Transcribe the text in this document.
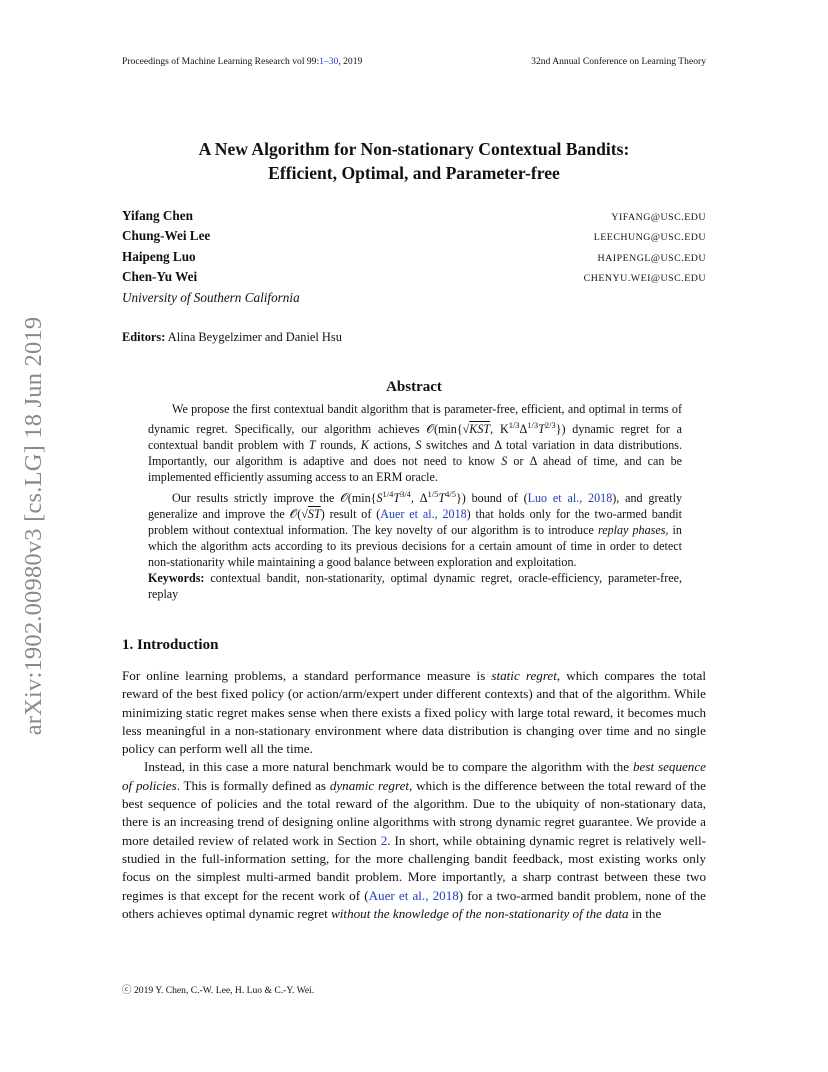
arXiv:1902.00980v3 [cs.LG] 18 Jun 2019
Proceedings of Machine Learning Research vol 99:1–30, 2019	32nd Annual Conference on Learning Theory
A New Algorithm for Non-stationary Contextual Bandits:
Efficient, Optimal, and Parameter-free
Yifang Chen	YIFANG@USC.EDU
Chung-Wei Lee	LEECHUNG@USC.EDU
Haipeng Luo	HAIPENGL@USC.EDU
Chen-Yu Wei	CHENYU.WEI@USC.EDU
University of Southern California
Editors: Alina Beygelzimer and Daniel Hsu
Abstract

We propose the first contextual bandit algorithm that is parameter-free, efficient, and optimal in terms of dynamic regret. Specifically, our algorithm achieves 𝒪(min{√KST, $K^{1/3}\Delta^{1/3}T^{2/3}$}) dynamic regret for a contextual bandit problem with T rounds, K actions, S switches and Δ total variation in data distributions. Importantly, our algorithm is adaptive and does not need to know S or Δ ahead of time, and can be implemented efficiently assuming access to an ERM oracle.

Our results strictly improve the $𝒪(\min\{S^{1/4}T^{3/4}$, $\Delta^{1/5}T^{4/5}$}) bound of (Luo et al., 2018), and greatly generalize and improve the 𝒪(√ST) result of (Auer et al., 2018) that holds only for the two-armed bandit problem without contextual information. The key novelty of our algorithm is to introduce replay phases, in which the algorithm acts according to its previous decisions for a certain amount of time in order to detect non-stationarity while maintaining a good balance between exploration and exploitation.

Keywords: contextual bandit, non-stationarity, optimal dynamic regret, oracle-efficiency, parameter-free, replay

1. Introduction

For online learning problems, a standard performance measure is static regret, which compares the total reward of the best fixed policy (or action/arm/expert under different contexts) and that of the algorithm. While minimizing static regret makes sense when there exists a fixed policy with large total reward, it becomes much less meaningful in a non-stationary environment where data distribution is changing over time and no single policy can perform well all the time.

Instead, in this case a more natural benchmark would be to compare the algorithm with the best sequence of policies. This is formally defined as dynamic regret, which is the difference between the total reward of the best sequence of policies and the total reward of the algorithm. Due to the ubiquity of non-stationary data, there is an increasing trend of designing online algorithms with strong dynamic regret guarantee. We provide a more detailed review of related work in Section 2. In short, while obtaining dynamic regret is relatively well-studied in the full-information setting, for the more challenging bandit feedback, most existing works only focus on the simplest multi-armed bandit problem. More importantly, a sharp contrast between these two regimes is that except for the recent work of (Auer et al., 2018) for a two-armed bandit problem, none of the others achieves optimal dynamic regret without the knowledge of the non-stationarity of the data in the

ⓒ 2019 Y. Chen, C.-W. Lee, H. Luo & C.-Y. Wei.
